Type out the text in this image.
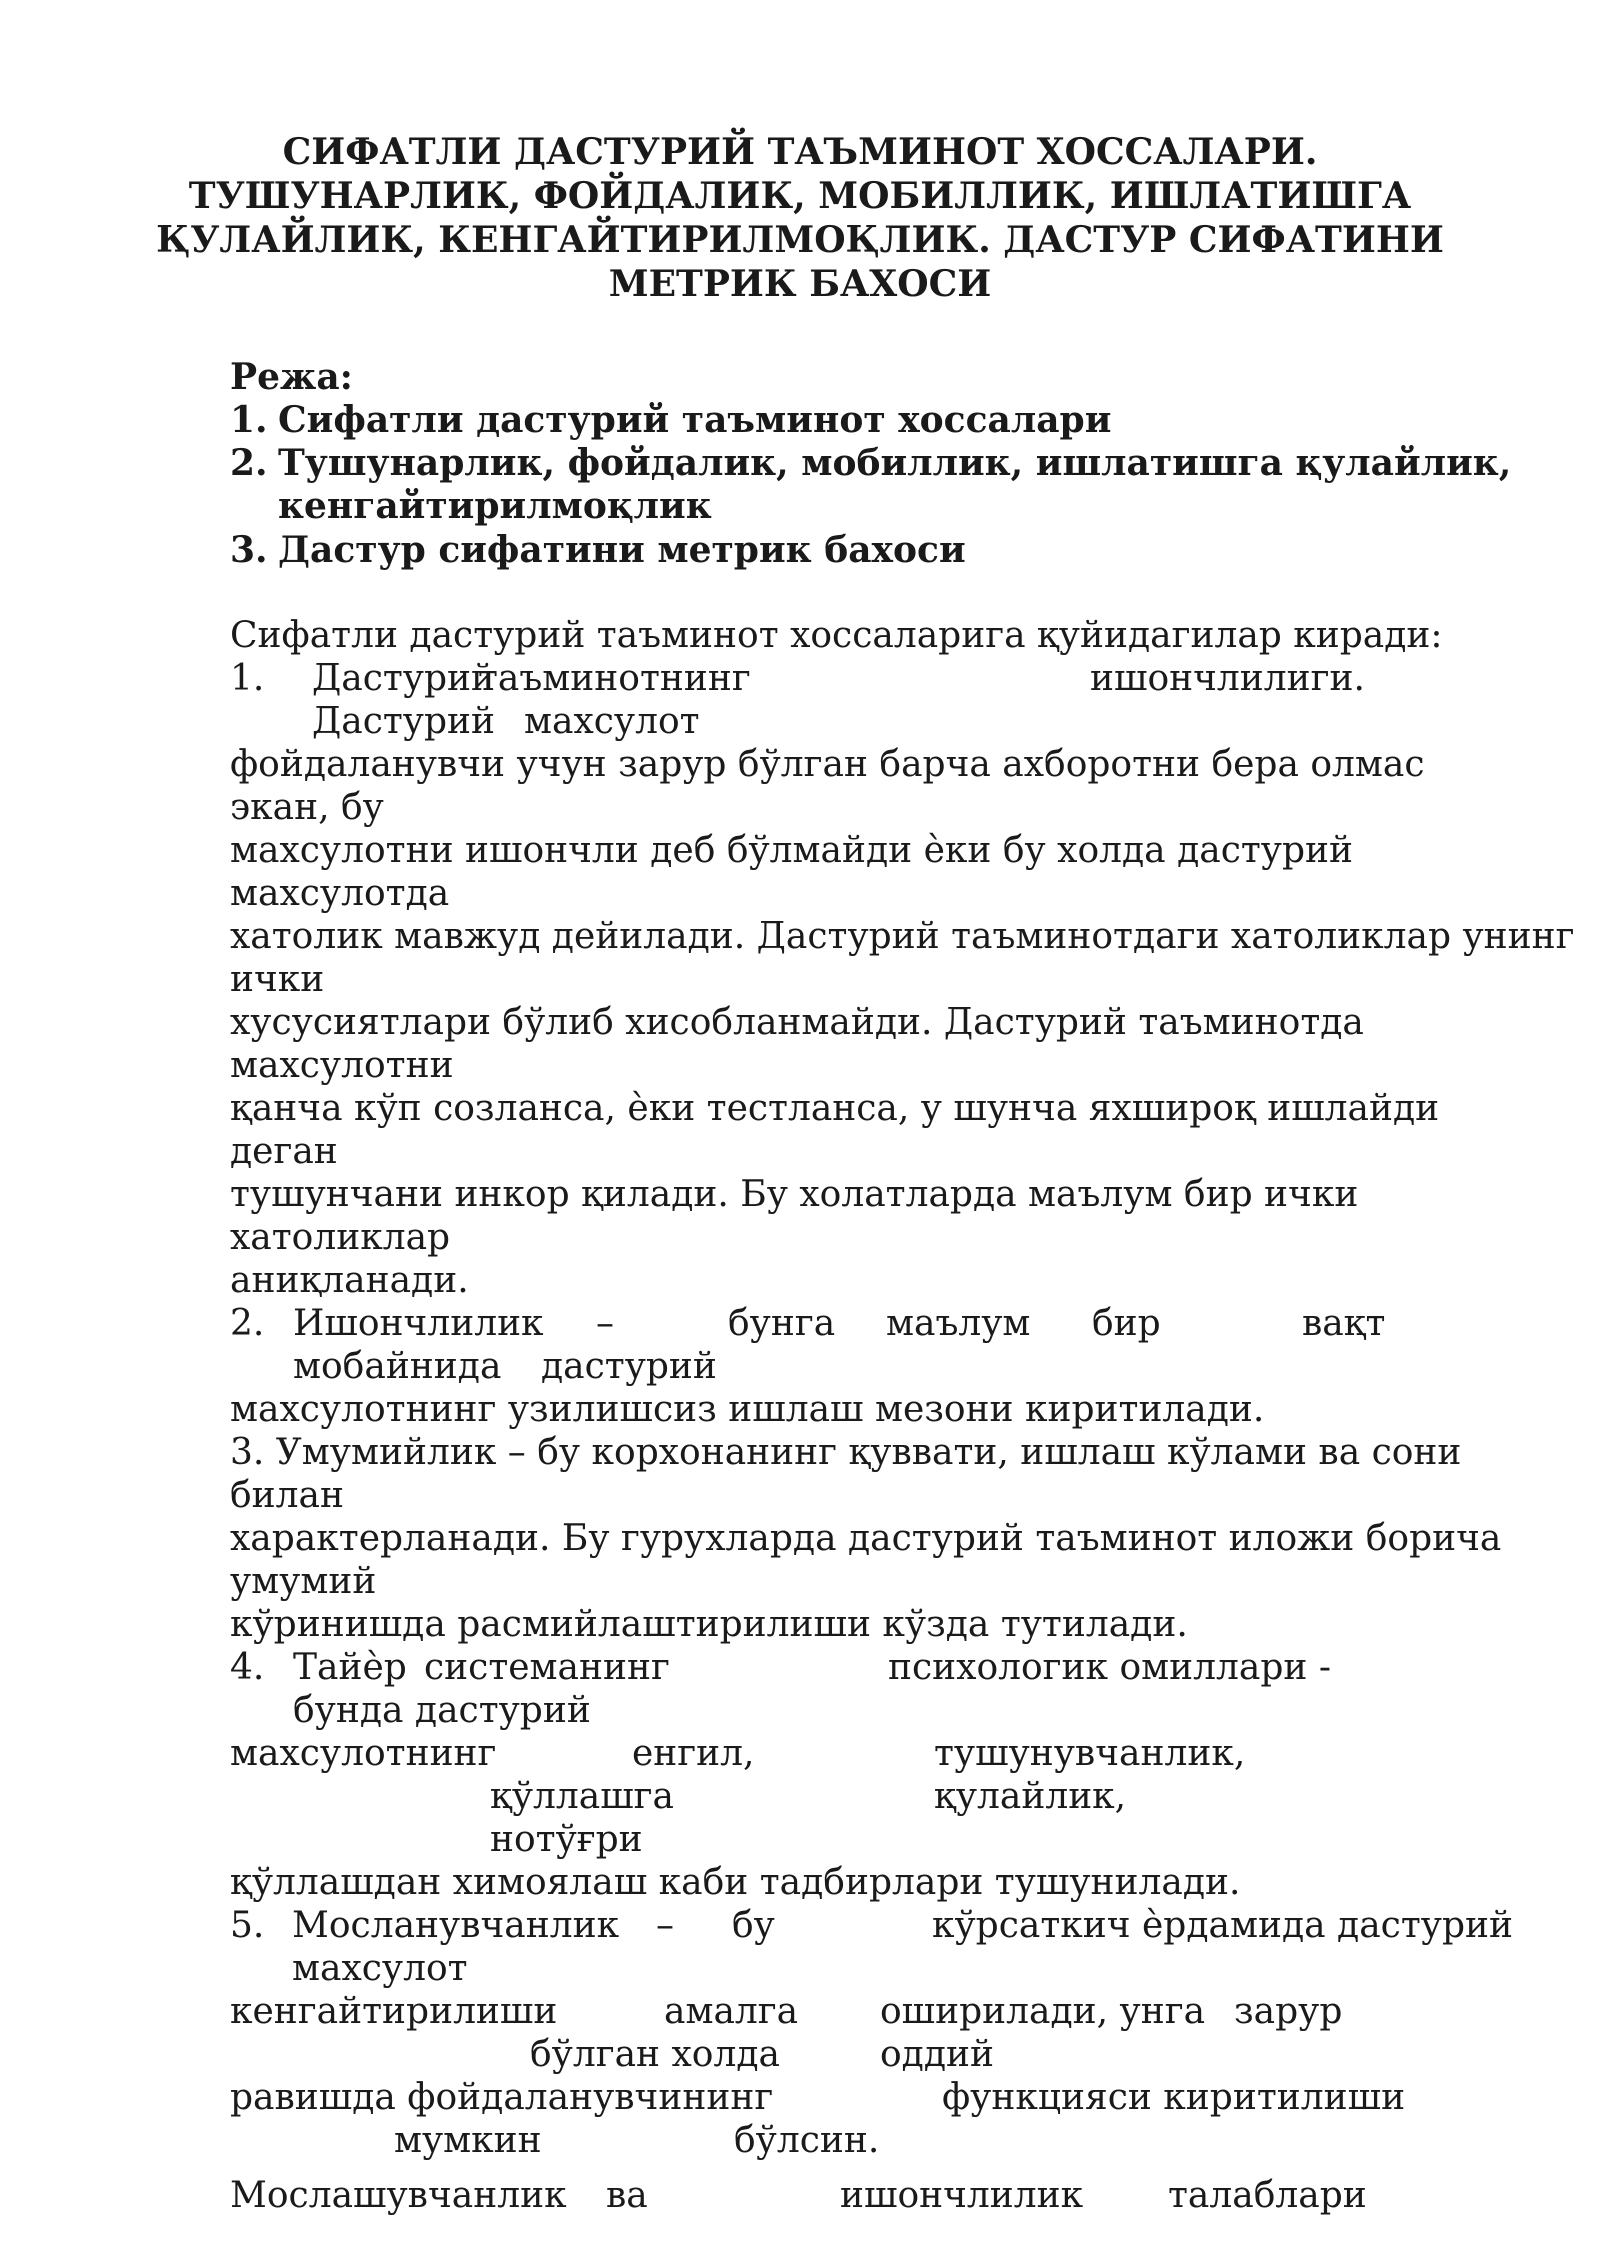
СИФАТЛИ ДАСТУРИЙ ТАЪМИНОТ ХОССАЛАРИ.
ТУШУНАРЛИК, ФОЙДАЛИК, МОБИЛЛИК, ИШЛАТИШГА
ҚУЛАЙЛИК, КЕНГАЙТИРИЛМОҚЛИК. ДАСТУР СИФАТИНИ
МЕТРИК БАХОСИ
Режа:
1. Сифатли дастурий таъминот хоссалари
2. Тушунарлик, фойдалик, мобиллик, ишлатишга қулайлик,
кенгайтирилмоқлик
3. Дастур сифатини метрик бахоси
Сифатли дастурий таъминот хоссаларига қуйидагилар киради:
1. Дастурий
таъминотнинг	ишончлилиги.
Дастурий махсулот
фойдаланувчи учун зарур бўлган барча ахборотни бера олмас
экан, бу
махсулотни ишончли деб бўлмайди ѐки бу холда дастурий
махсулотда
хатолик мавжуд дейилади. Дастурий таъминотдаги хатоликлар унинг
ички
хусусиятлари бўлиб хисобланмайди. Дастурий таъминотда
махсулотни
қанча кўп созланса, ѐки тестланса, у шунча яхшироқ ишлайди
деган
тушунчани инкор қилади. Бу холатларда маълум бир ички
хатоликлар
аниқланади.
2. Ишончлилик –	бунга маълум бир	вақт
мобайнида дастурий
махсулотнинг узилишсиз ишлаш мезони киритилади.
3. Умумийлик – бу корхонанинг қуввати, ишлаш кўлами ва сони
билан
характерланади. Бу гурухларда дастурий таъминот иложи борича
умумий
кўринишда расмийлаштирилиши кўзда тутилади.
4. Тайѐр системанинг	психологик омиллари -
бунда дастурий
махсулотнинг	енгил,	тушунувчанлик,
қўллашга	қулайлик,
нотўғри
қўллашдан химоялаш каби тадбирлари тушунилади.
5. Мосланувчанлик – бу	кўрсаткич ѐрдамида дастурий
махсулот
кенгайтирилиши	амалга оширилади, унга зарур
бўлган холда	оддий
равишда фойдаланувчининг	функцияси киритилиши
мумкин	бўлсин.
Мослашувчанлик ва	ишончлилик талаблари
